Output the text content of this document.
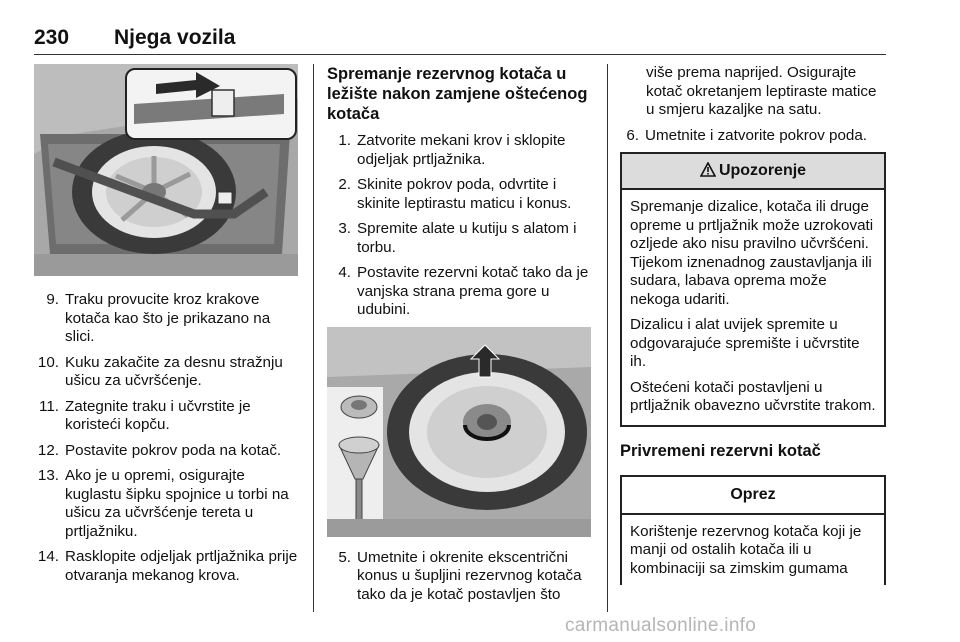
230 Njega vozila
9. Traku provucite kroz krakove kotača kao što je prikazano na slici.
10. Kuku zakačite za desnu stražnju ušicu za učvršćenje.
11. Zategnite traku i učvrstite je koristeći kopču.
12. Postavite pokrov poda na kotač.
13. Ako je u opremi, osigurajte kuglastu šipku spojnice u torbi na ušicu za učvršćenje tereta u prtljažniku.
14. Rasklopite odjeljak prtljažnika prije otvaranja mekanog krova.
Spremanje rezervnog kotača u ležište nakon zamjene oštećenog kotača
1. Zatvorite mekani krov i sklopite odjeljak prtljažnika.
2. Skinite pokrov poda, odvrtite i skinite leptirastu maticu i konus.
3. Spremite alate u kutiju s alatom i torbu.
4. Postavite rezervni kotač tako da je vanjska strana prema gore u udubini.
5. Umetnite i okrenite ekscentrični konus u šupljini rezervnog kotača tako da je kotač postavljen što
više prema naprijed. Osigurajte kotač okretanjem leptiraste matice u smjeru kazaljke na satu.
6. Umetnite i zatvorite pokrov poda.
Upozorenje

Spremanje dizalice, kotača ili druge opreme u prtljažnik može uzrokovati ozljede ako nisu pravilno učvršćeni. Tijekom iznenadnog zaustavljanja ili sudara, labava oprema može nekoga udariti.

Dizalicu i alat uvijek spremite u odgovarajuće spremište i učvrstite ih.

Oštećeni kotači postavljeni u prtljažnik obavezno učvrstite trakom.

Privremeni rezervni kotač
Oprez

Korištenje rezervnog kotača koji je manji od ostalih kotača ili u kombinaciji sa zimskim gumama

carmanualsonline.info
